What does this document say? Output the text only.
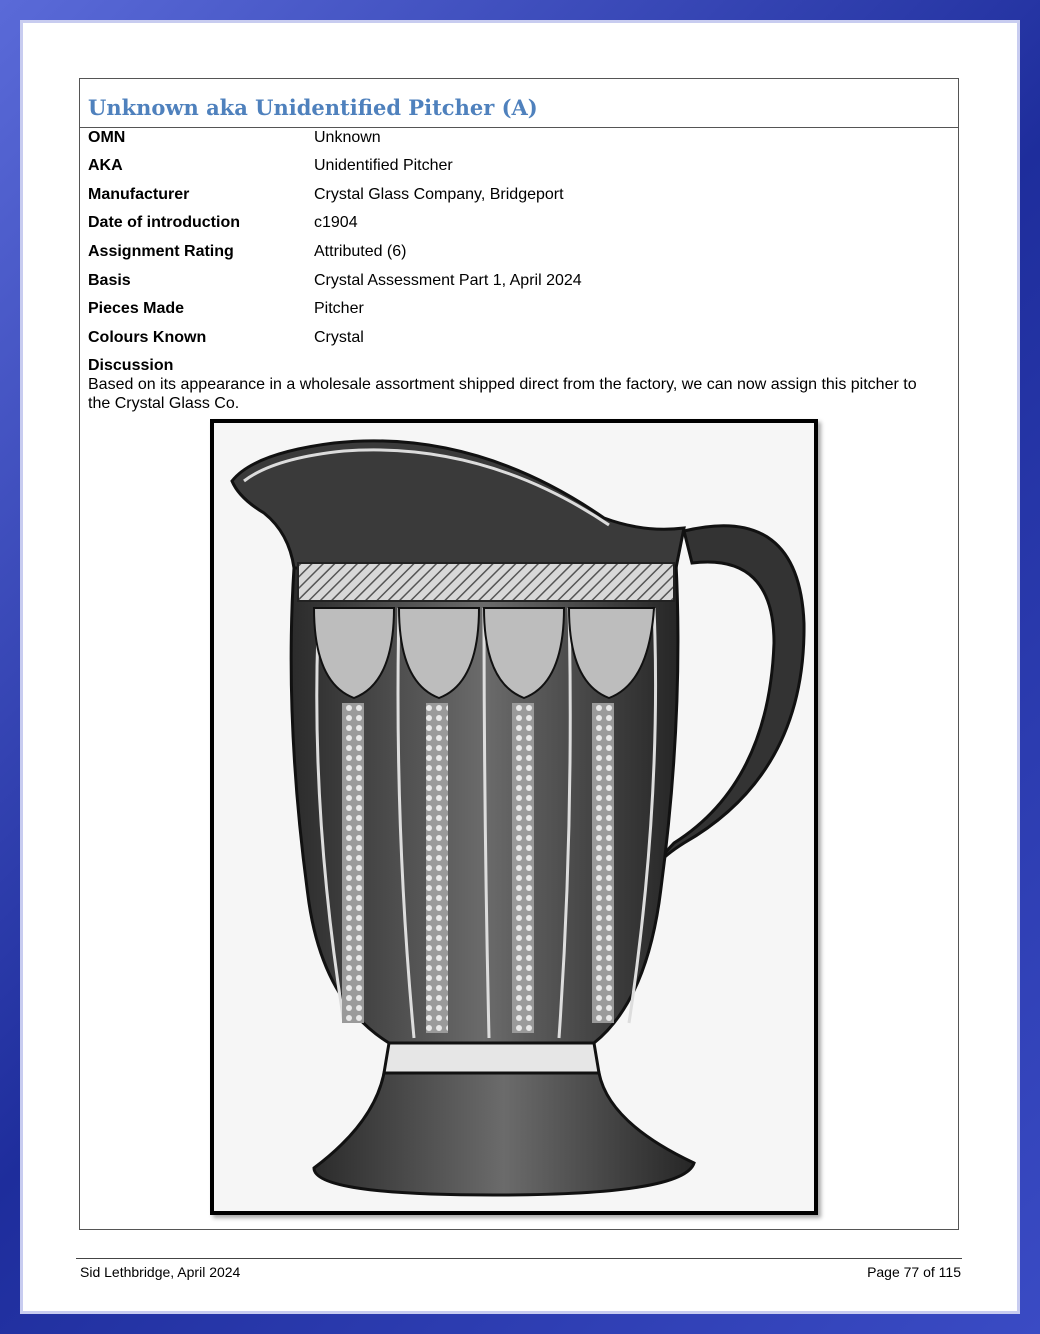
Unknown aka Unidentified Pitcher (A)
OMN	Unknown
AKA	Unidentified Pitcher
Manufacturer	Crystal Glass Company, Bridgeport
Date of introduction	c1904
Assignment Rating	Attributed (6)
Basis	Crystal Assessment Part 1, April 2024
Pieces Made	Pitcher
Colours Known	Crystal
Discussion
Based on its appearance in a wholesale assortment shipped direct from the factory, we can now assign this pitcher to the Crystal Glass Co.
Sid Lethbridge, April 2024	Page 77 of 115
